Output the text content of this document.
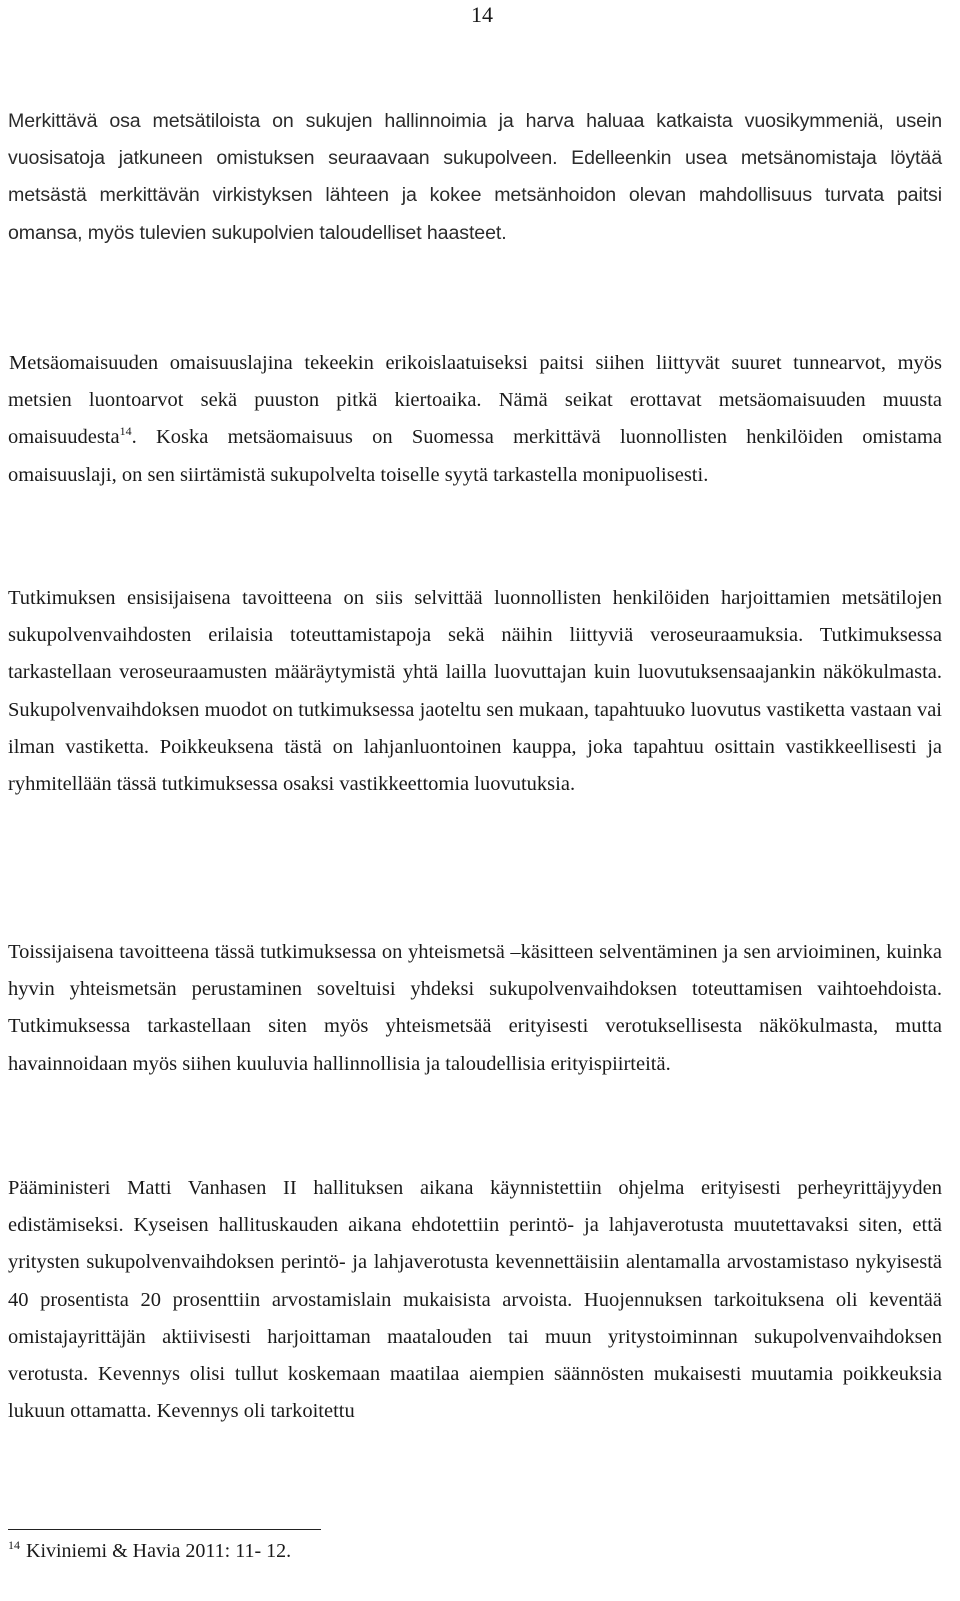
14

Merkittävä osa metsätiloista on sukujen hallinnoimia ja harva haluaa katkaista vuosikymmeniä, usein vuosisatoja jatkuneen omistuksen seuraavaan sukupolveen. Edelleenkin usea metsänomistaja löytää metsästä merkittävän virkistyksen lähteen ja kokee metsänhoidon olevan mahdollisuus turvata paitsi omansa, myös tulevien sukupolvien taloudelliset haasteet.

Metsäomaisuuden omaisuuslajina tekeekin erikoislaatuiseksi paitsi siihen liittyvät suuret tunnearvot, myös metsien luontoarvot sekä puuston pitkä kiertoaika. Nämä seikat erottavat metsäomaisuuden muusta omaisuudesta$^{14}$. Koska metsäomaisuus on Suomessa merkittävä luonnollisten henkilöiden omistama omaisuuslaji, on sen siirtämistä sukupolvelta toiselle syytä tarkastella monipuolisesti.

Tutkimuksen ensisijaisena tavoitteena on siis selvittää luonnollisten henkilöiden harjoittamien metsätilojen sukupolvenvaihdosten erilaisia toteuttamistapoja sekä näihin liittyviä veroseuraamuksia. Tutkimuksessa tarkastellaan veroseuraamusten määräytymistä yhtä lailla luovuttajan kuin luovutuksensaajankin näkökulmasta. Sukupolvenvaihdoksen muodot on tutkimuksessa jaoteltu sen mukaan, tapahtuuko luovutus vastiketta vastaan vai ilman vastiketta. Poikkeuksena tästä on lahjanluontoinen kauppa, joka tapahtuu osittain vastikkeellisesti ja ryhmitellään tässä tutkimuksessa osaksi vastikkeettomia luovutuksia.

Toissijaisena tavoitteena tässä tutkimuksessa on yhteismetsä –käsitteen selventäminen ja sen arvioiminen, kuinka hyvin yhteismetsän perustaminen soveltuisi yhdeksi sukupolvenvaihdoksen toteuttamisen vaihtoehdoista. Tutkimuksessa tarkastellaan siten myös yhteismetsää erityisesti verotuksellisesta näkökulmasta, mutta havainnoidaan myös siihen kuuluvia hallinnollisia ja taloudellisia erityispiirteitä.

Pääministeri Matti Vanhasen II hallituksen aikana käynnistettiin ohjelma erityisesti perheyrittäjyyden edistämiseksi. Kyseisen hallituskauden aikana ehdotettiin perintö- ja lahjaverotusta muutettavaksi siten, että yritysten sukupolvenvaihdoksen perintö- ja lahjaverotusta kevennettäisiin alentamalla arvostamistaso nykyisestä 40 prosentista 20 prosenttiin arvostamislain mukaisista arvoista. Huojennuksen tarkoituksena oli keventää omistajayrittäjän aktiivisesti harjoittaman maatalouden tai muun yritystoiminnan sukupolvenvaihdoksen verotusta. Kevennys olisi tullut koskemaan maatilaa aiempien säännösten mukaisesti muutamia poikkeuksia lukuun ottamatta. Kevennys oli tarkoitettu

$^{14}$ Kiviniemi & Havia 2011: 11- 12.
